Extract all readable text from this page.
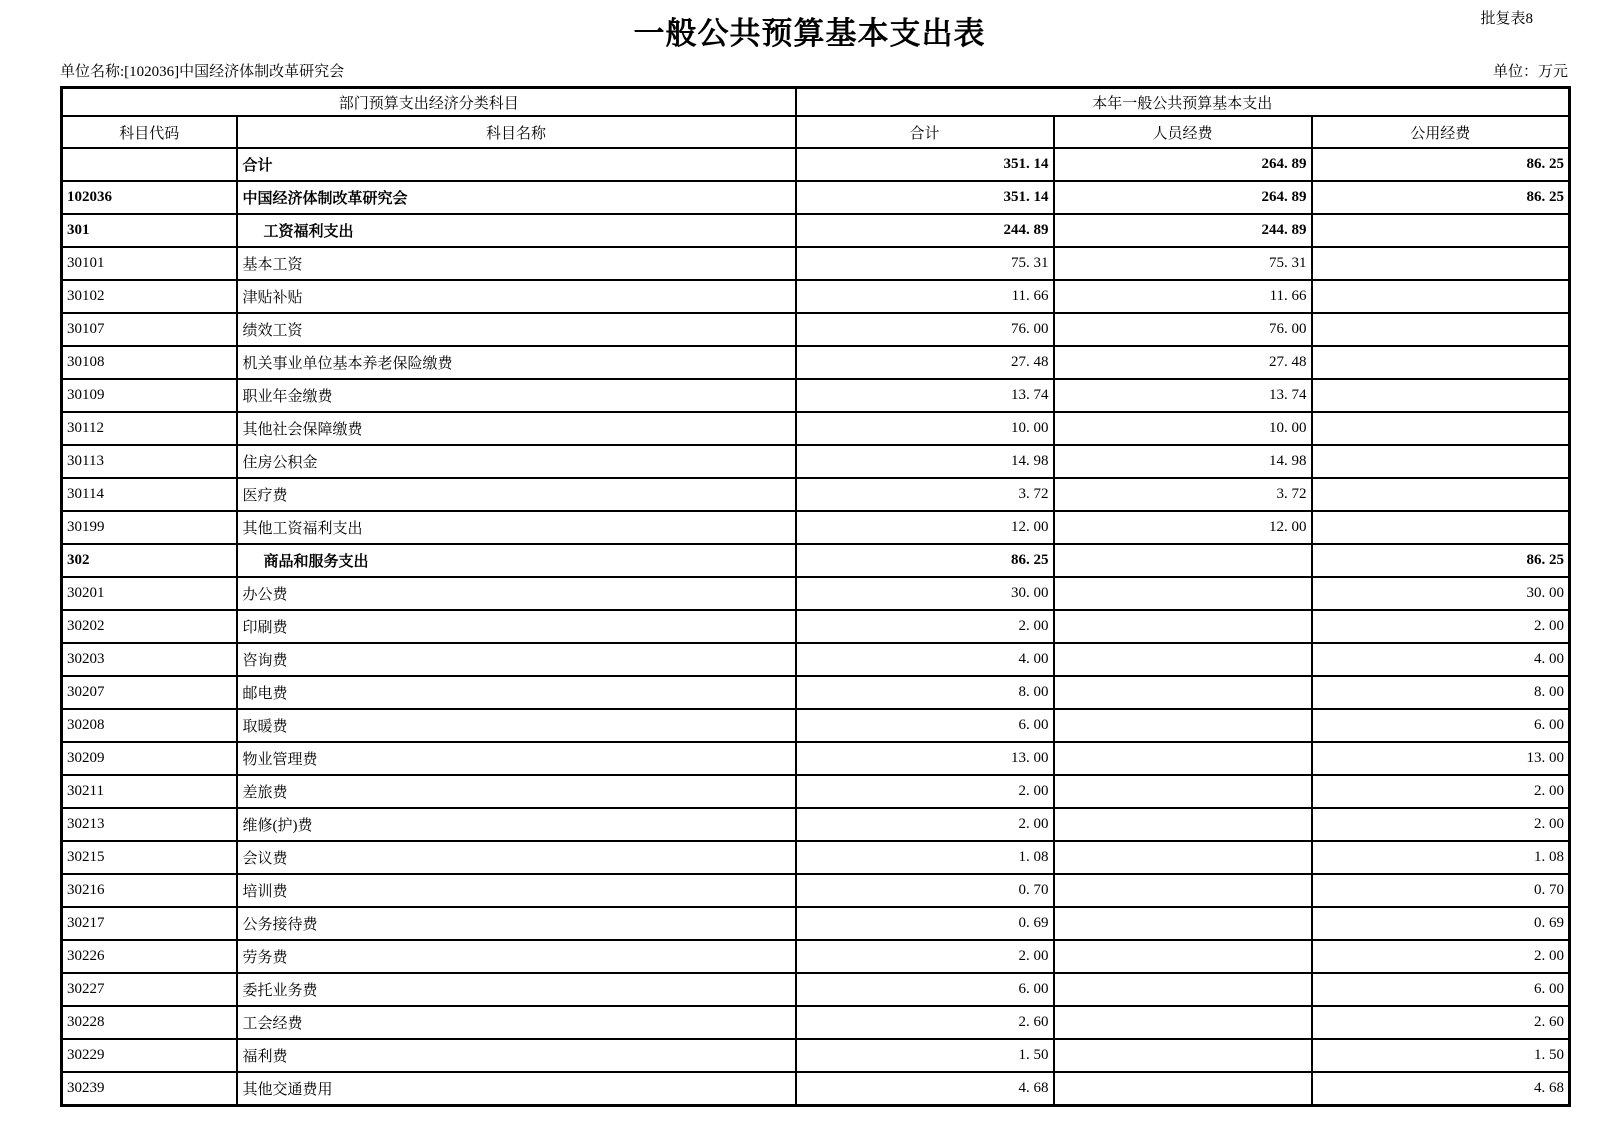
批复表8
一般公共预算基本支出表
单位名称:[102036]中国经济体制改革研究会	单位：万元
部门预算支出经济分类科目		本年一般公共预算基本支出		
科目代码	科目名称	合计	人员经费	公用经费
	合计	351. 14	264. 89	86. 25
102036	中国经济体制改革研究会	351. 14	264. 89	86. 25
301	工资福利支出	244. 89	244. 89	
30101	基本工资	75. 31	75. 31	
30102	津贴补贴	11. 66	11. 66	
30107	绩效工资	76. 00	76. 00	
30108	机关事业单位基本养老保险缴费	27. 48	27. 48	
30109	职业年金缴费	13. 74	13. 74	
30112	其他社会保障缴费	10. 00	10. 00	
30113	住房公积金	14. 98	14. 98	
30114	医疗费	3. 72	3. 72	
30199	其他工资福利支出	12. 00	12. 00	
302	商品和服务支出	86. 25		86. 25
30201	办公费	30. 00		30. 00
30202	印刷费	2. 00		2. 00
30203	咨询费	4. 00		4. 00
30207	邮电费	8. 00		8. 00
30208	取暖费	6. 00		6. 00
30209	物业管理费	13. 00		13. 00
30211	差旅费	2. 00		2. 00
30213	维修(护)费	2. 00		2. 00
30215	会议费	1. 08		1. 08
30216	培训费	0. 70		0. 70
30217	公务接待费	0. 69		0. 69
30226	劳务费	2. 00		2. 00
30227	委托业务费	6. 00		6. 00
30228	工会经费	2. 60		2. 60
30229	福利费	1. 50		1. 50
30239	其他交通费用	4. 68		4. 68
